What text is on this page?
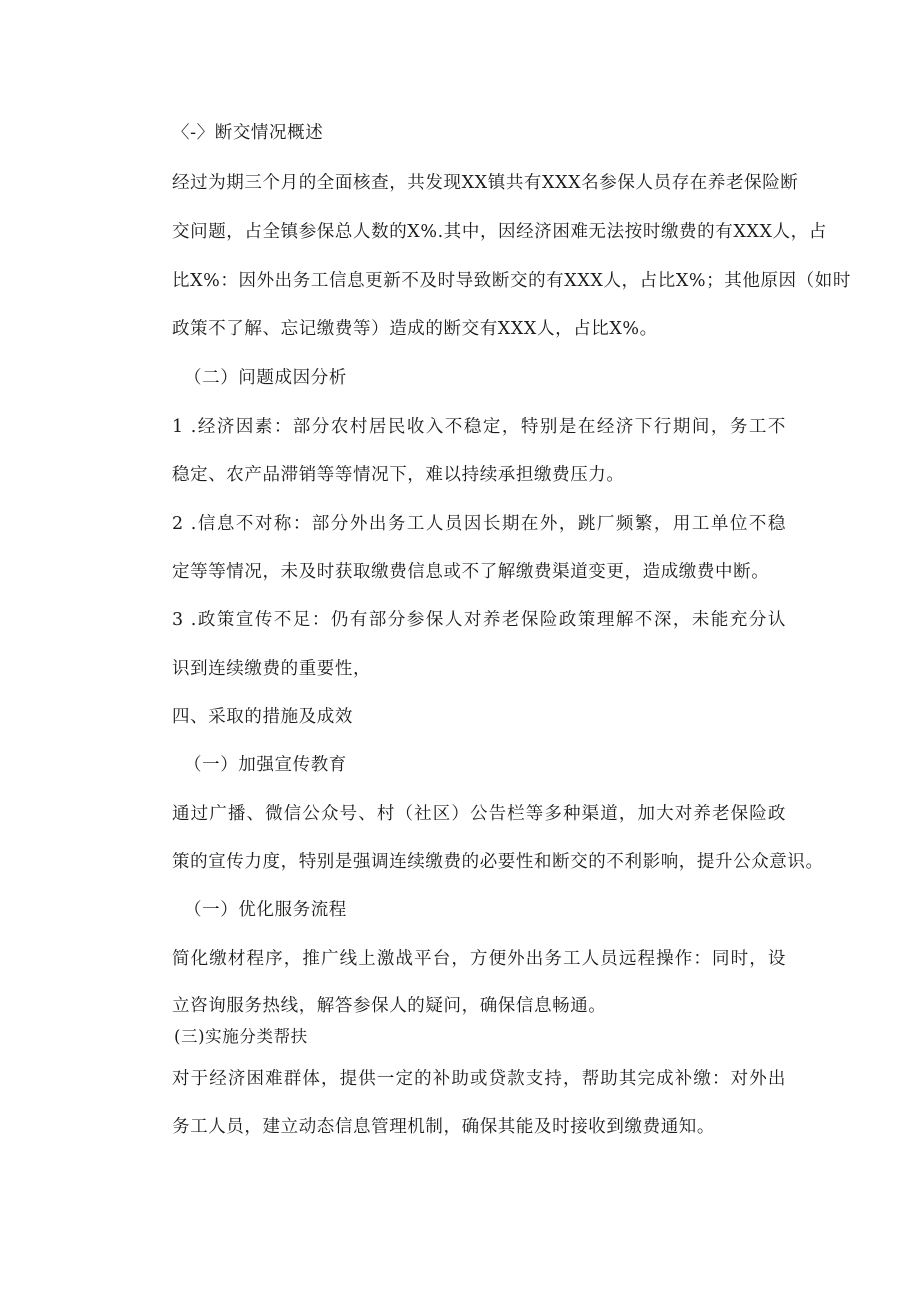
〈-〉断交情况概述
经过为期三个月的全面核查，共发现XX镇共有XXX名参保人员存在养老保险断
交问题，占全镇参保总人数的X%.其中，因经济困难无法按时缴费的有XXX人，占
比X%：因外出务工信息更新不及时导致断交的有XXX人，占比X%；其他原因（如时
政策不了解、忘记缴费等）造成的断交有XXX人，占比X%。
（二）问题成因分析
1 .经济因素：部分农村居民收入不稳定，特别是在经济下行期间，务工不
稳定、农产品滞销等等情况下，难以持续承担缴费压力。
2 .信息不对称：部分外出务工人员因长期在外，跳厂频繁，用工单位不稳
定等等情况，未及时获取缴费信息或不了解缴费渠道变更，造成缴费中断。
3 .政策宣传不足：仍有部分参保人对养老保险政策理解不深，未能充分认
识到连续缴费的重要性，
四、采取的措施及成效
（一）加强宣传教育
通过广播、微信公众号、村（社区）公告栏等多种渠道，加大对养老保险政
策的宣传力度，特别是强调连续缴费的必要性和断交的不利影响，提升公众意识。
（一）优化服务流程
简化缴材程序，推广线上激战平台，方便外出务工人员远程操作：同时，设
立咨询服务热线，解答参保人的疑问，确保信息畅通。
(三)实施分类帮扶
对于经济困难群体，提供一定的补助或贷款支持，帮助其完成补缴：对外出
务工人员，建立动态信息管理机制，确保其能及时接收到缴费通知。
